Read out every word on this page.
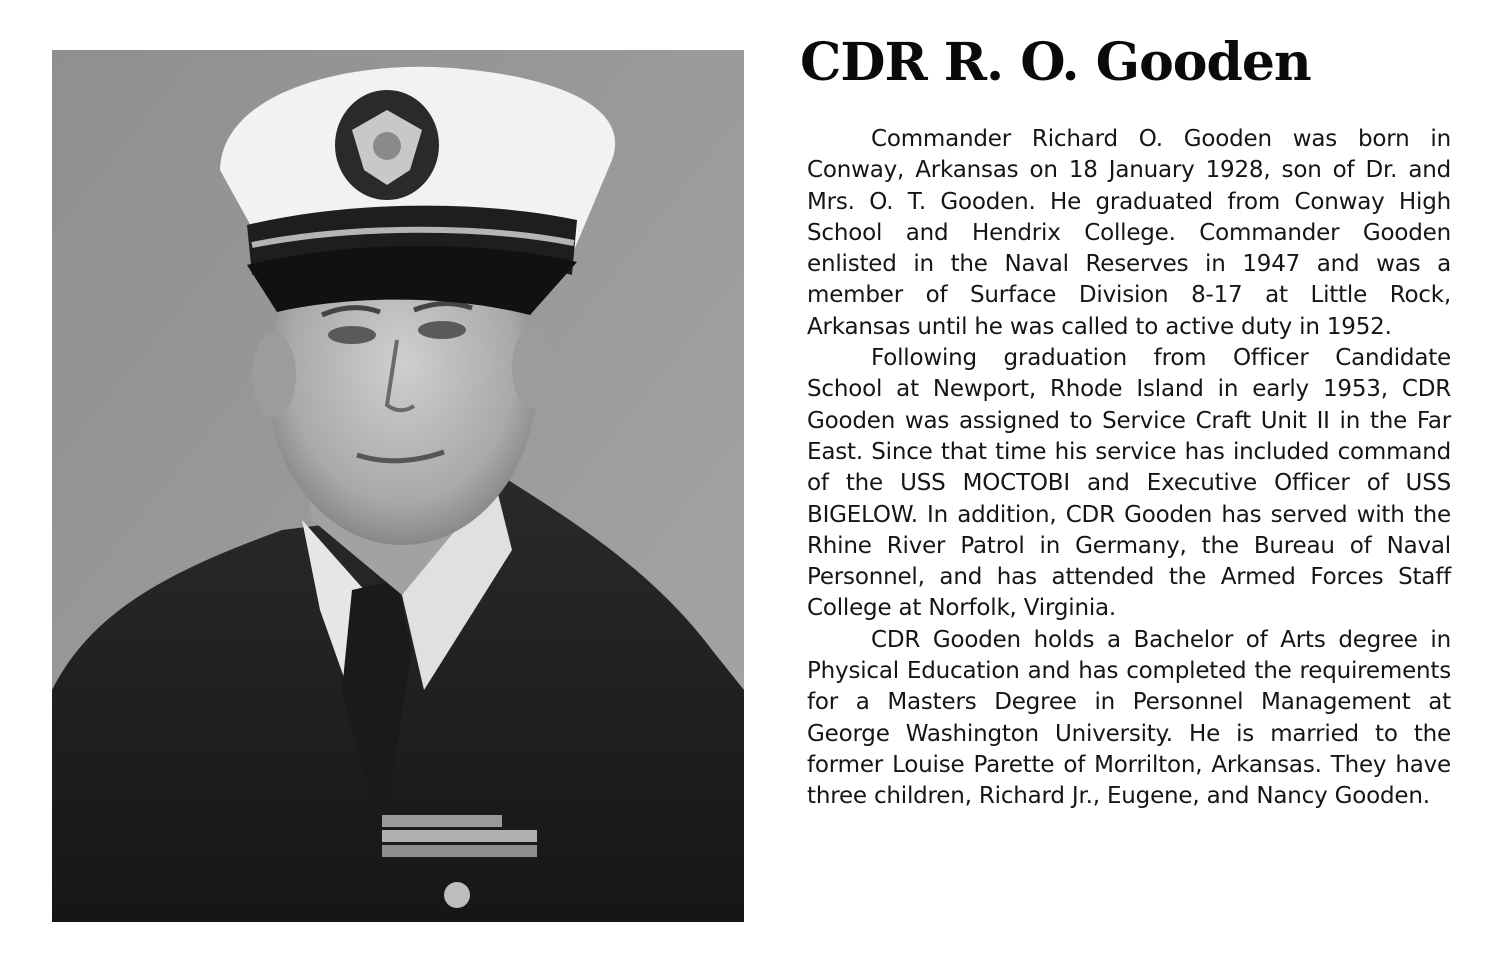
CDR R. O. Gooden

Commander Richard O. Gooden was born in Conway, Arkansas on 18 January 1928, son of Dr. and Mrs. O. T. Gooden. He graduated from Conway High School and Hendrix College. Commander Gooden enlisted in the Naval Reserves in 1947 and was a member of Surface Division 8-17 at Little Rock, Arkansas until he was called to active duty in 1952.

Following graduation from Officer Candidate School at Newport, Rhode Island in early 1953, CDR Gooden was assigned to Service Craft Unit II in the Far East. Since that time his service has included command of the USS MOCTOBI and Executive Officer of USS BIGELOW. In addition, CDR Gooden has served with the Rhine River Patrol in Germany, the Bureau of Naval Personnel, and has attended the Armed Forces Staff College at Norfolk, Virginia.

CDR Gooden holds a Bachelor of Arts degree in Physical Education and has completed the requirements for a Masters Degree in Personnel Management at George Washington University. He is married to the former Louise Parette of Morrilton, Arkansas. They have three children, Richard Jr., Eugene, and Nancy Gooden.
